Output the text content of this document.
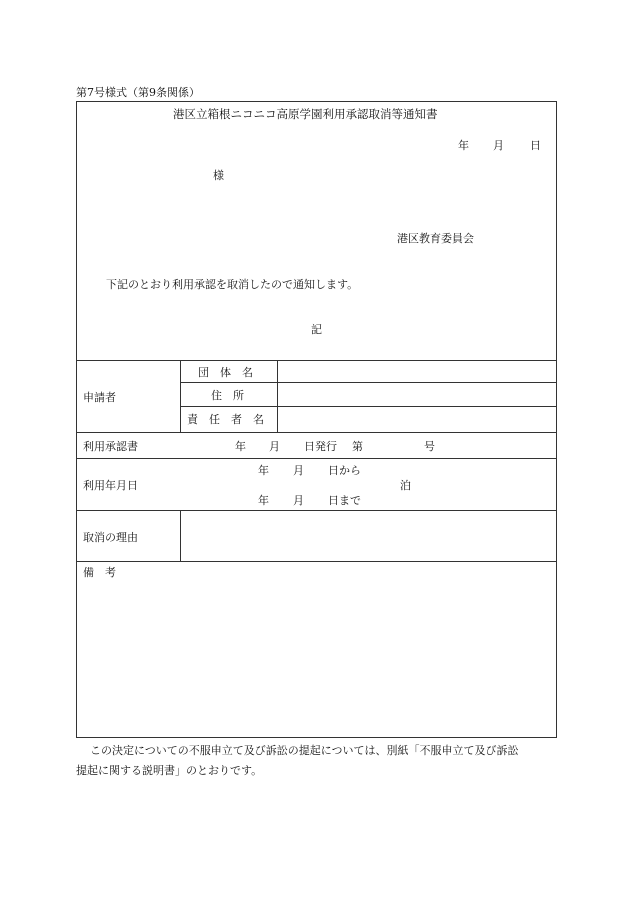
第7号様式（第9条関係）
港区立箱根ニコニコ高原学園利用承認取消等通知書
年 月 日
様
港区教育委員会
下記のとおり利用承認を取消したので通知します。
記
申請者
団　体　名
住　所
責　任　者　名
利用承認書	年 月 日発行 第	号
利用年月日
年 月 日から
泊
年 月 日まで
取消の理由
備　考
この決定についての不服申立て及び訴訟の提起については、別紙「不服申立て及び訴訟
提起に関する説明書」のとおりです。
